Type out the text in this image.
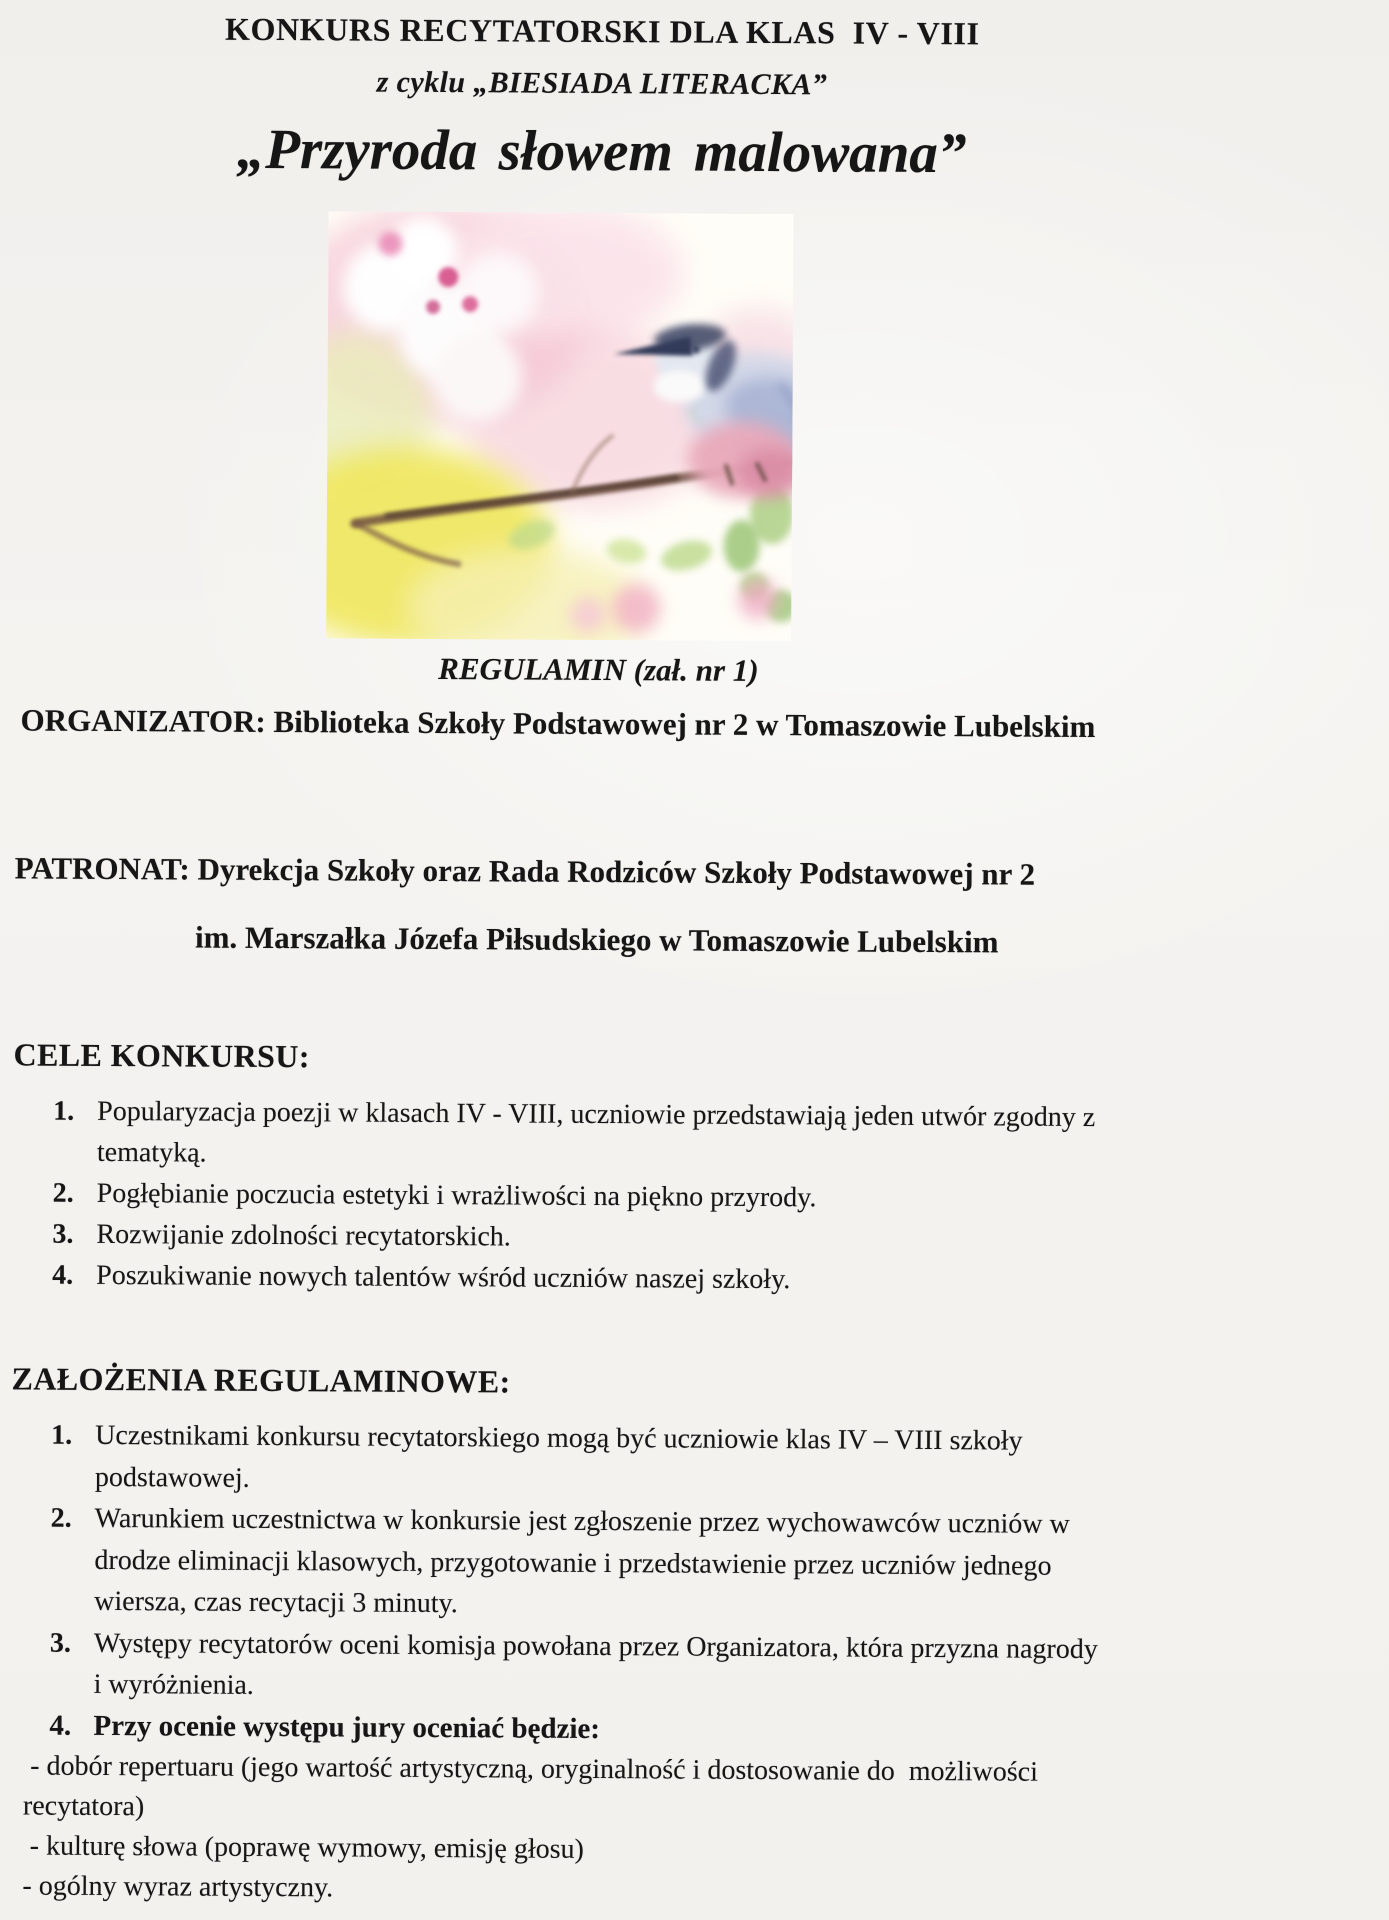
KONKURS RECYTATORSKI DLA KLAS  IV - VIII
z cyklu „BIESIADA LITERACKA”
„Przyroda słowem malowana”
REGULAMIN (zał. nr 1)
ORGANIZATOR: Biblioteka Szkoły Podstawowej nr 2 w Tomaszowie Lubelskim
PATRONAT: Dyrekcja Szkoły oraz Rada Rodziców Szkoły Podstawowej nr 2
im. Marszałka Józefa Piłsudskiego w Tomaszowie Lubelskim
CELE KONKURSU:
1. Popularyzacja poezji w klasach IV - VIII, uczniowie przedstawiają jeden utwór zgodny z
tematyką.
2. Pogłębianie poczucia estetyki i wrażliwości na piękno przyrody.
3. Rozwijanie zdolności recytatorskich.
4. Poszukiwanie nowych talentów wśród uczniów naszej szkoły.
ZAŁOŻENIA REGULAMINOWE:
1. Uczestnikami konkursu recytatorskiego mogą być uczniowie klas IV – VIII szkoły
podstawowej.
2. Warunkiem uczestnictwa w konkursie jest zgłoszenie przez wychowawców uczniów w
drodze eliminacji klasowych, przygotowanie i przedstawienie przez uczniów jednego
wiersza, czas recytacji 3 minuty.
3. Występy recytatorów oceni komisja powołana przez Organizatora, która przyzna nagrody
i wyróżnienia.
4. Przy ocenie występu jury oceniać będzie:
- dobór repertuaru (jego wartość artystyczną, oryginalność i dostosowanie do  możliwości
recytatora)
- kulturę słowa (poprawę wymowy, emisję głosu)
- ogólny wyraz artystyczny.
